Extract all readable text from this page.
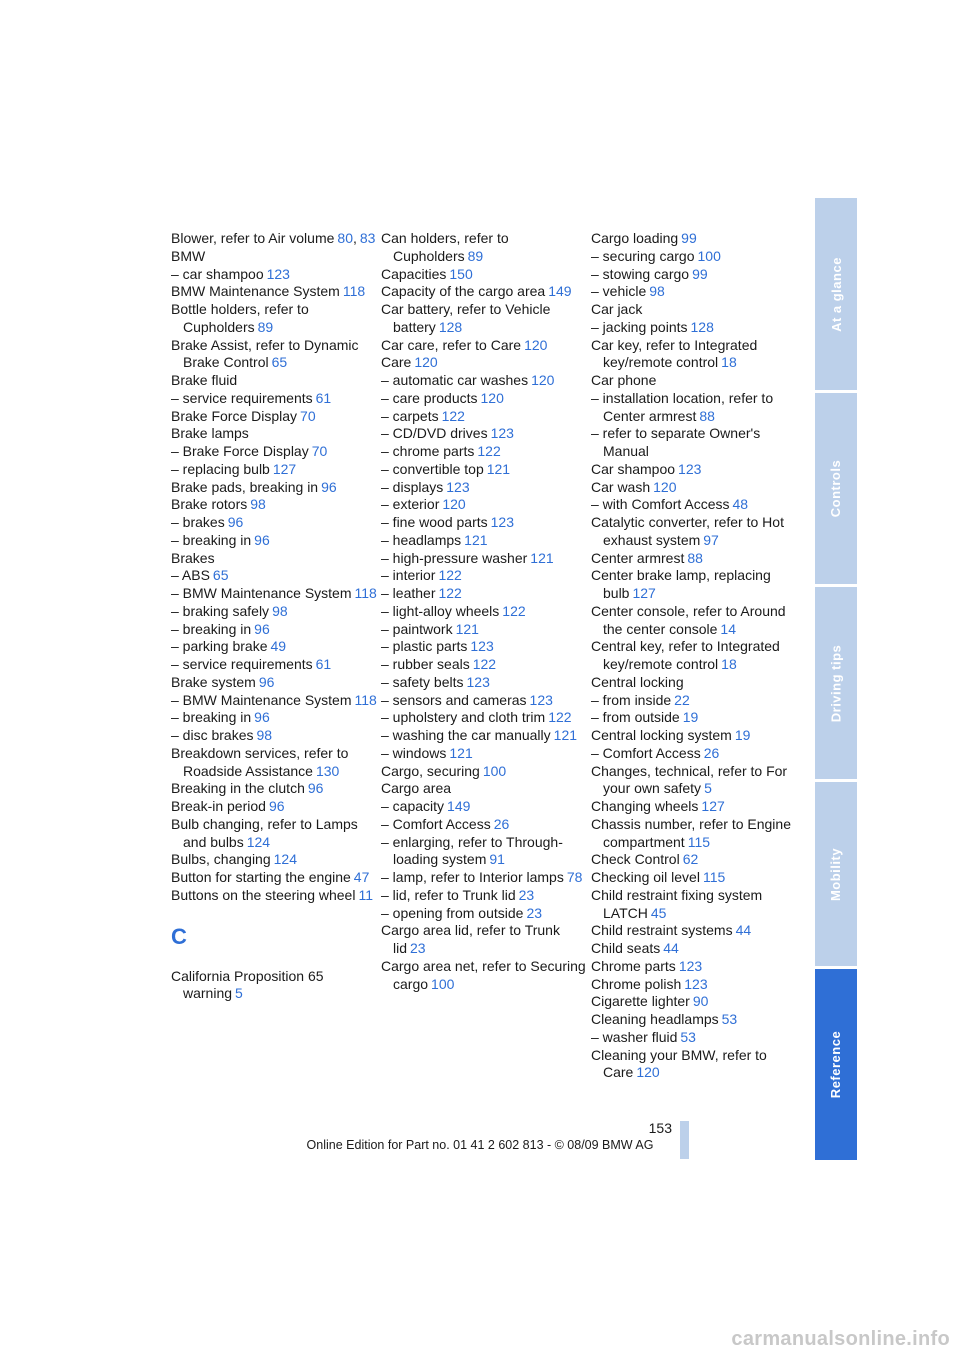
Blower, refer to Air volume 80, 83
BMW
– car shampoo 123
BMW Maintenance System 118
Bottle holders, refer to Cupholders 89
Brake Assist, refer to Dynamic Brake Control 65
Brake fluid
– service requirements 61
Brake Force Display 70
Brake lamps
– Brake Force Display 70
– replacing bulb 127
Brake pads, breaking in 96
Brake rotors 98
– brakes 96
– breaking in 96
Brakes
– ABS 65
– BMW Maintenance System 118
– braking safely 98
– breaking in 96
– parking brake 49
– service requirements 61
Brake system 96
– BMW Maintenance System 118
– breaking in 96
– disc brakes 98
Breakdown services, refer to Roadside Assistance 130
Breaking in the clutch 96
Break-in period 96
Bulb changing, refer to Lamps and bulbs 124
Bulbs, changing 124
Button for starting the engine 47
Buttons on the steering wheel 11
C
California Proposition 65 warning 5
Can holders, refer to Cupholders 89
Capacities 150
Capacity of the cargo area 149
Car battery, refer to Vehicle battery 128
Car care, refer to Care 120
Care 120
– automatic car washes 120
– care products 120
– carpets 122
– CD/DVD drives 123
– chrome parts 122
– convertible top 121
– displays 123
– exterior 120
– fine wood parts 123
– headlamps 121
– high-pressure washer 121
– interior 122
– leather 122
– light-alloy wheels 122
– paintwork 121
– plastic parts 123
– rubber seals 122
– safety belts 123
– sensors and cameras 123
– upholstery and cloth trim 122
– washing the car manually 121
– windows 121
Cargo, securing 100
Cargo area
– capacity 149
– Comfort Access 26
– enlarging, refer to Through-loading system 91
– lamp, refer to Interior lamps 78
– lid, refer to Trunk lid 23
– opening from outside 23
Cargo area lid, refer to Trunk lid 23
Cargo area net, refer to Securing cargo 100
Cargo loading 99
– securing cargo 100
– stowing cargo 99
– vehicle 98
Car jack
– jacking points 128
Car key, refer to Integrated key/remote control 18
Car phone
– installation location, refer to Center armrest 88
– refer to separate Owner's Manual
Car shampoo 123
Car wash 120
– with Comfort Access 48
Catalytic converter, refer to Hot exhaust system 97
Center armrest 88
Center brake lamp, replacing bulb 127
Center console, refer to Around the center console 14
Central key, refer to Integrated key/remote control 18
Central locking
– from inside 22
– from outside 19
Central locking system 19
– Comfort Access 26
Changes, technical, refer to For your own safety 5
Changing wheels 127
Chassis number, refer to Engine compartment 115
Check Control 62
Checking oil level 115
Child restraint fixing system LATCH 45
Child restraint systems 44
Child seats 44
Chrome parts 123
Chrome polish 123
Cigarette lighter 90
Cleaning headlamps 53
– washer fluid 53
Cleaning your BMW, refer to Care 120
At a glance
Controls
Driving tips
Mobility
Reference
153
Online Edition for Part no. 01 41 2 602 813 - © 08/09 BMW AG
carmanualsonline.info
